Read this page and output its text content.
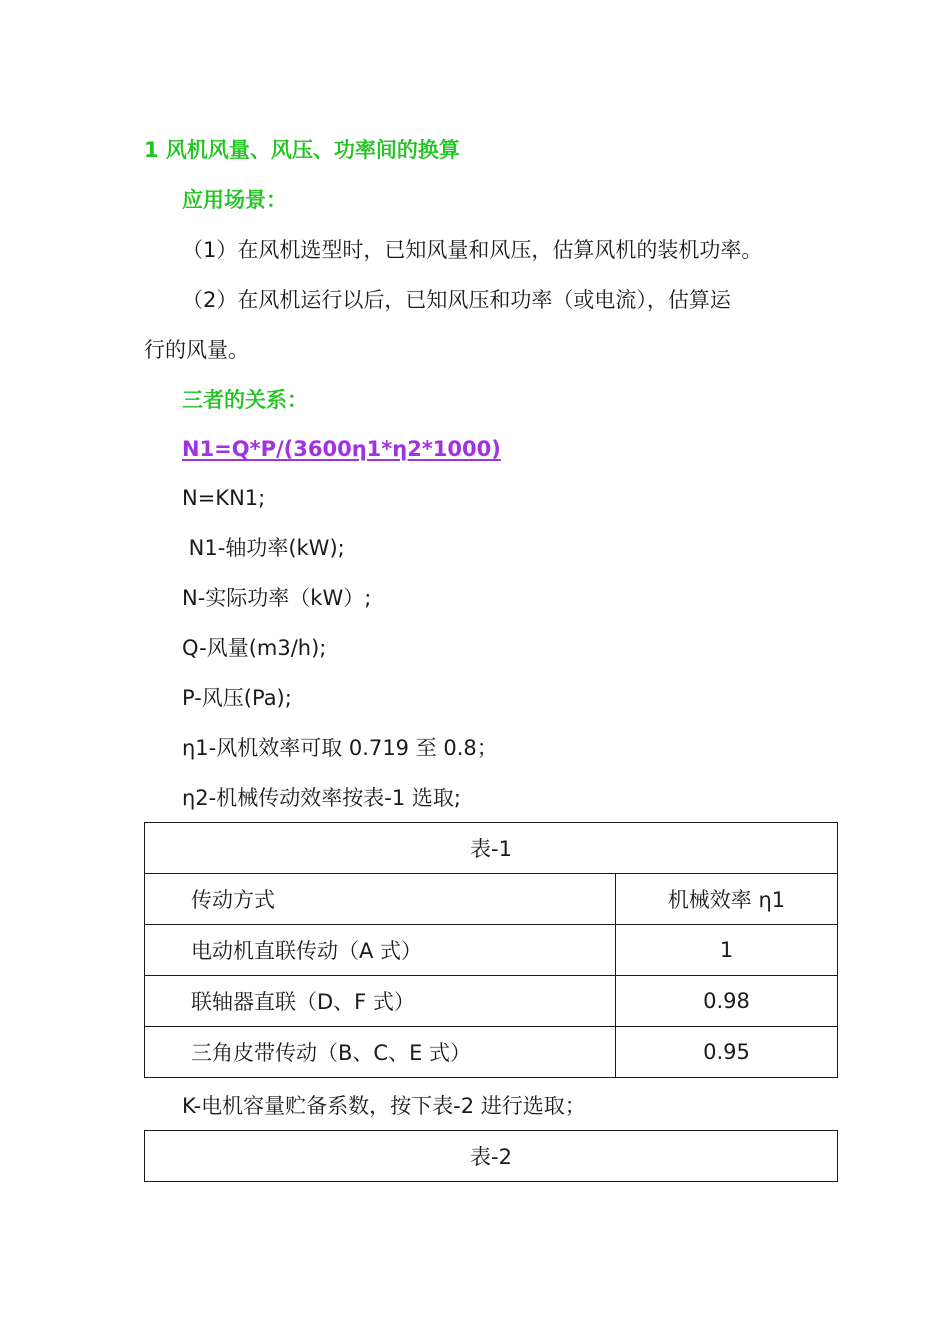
1 风机风量、风压、功率间的换算
应用场景：
（1）在风机选型时，已知风量和风压，估算风机的装机功率。
（2）在风机运行以后，已知风压和功率（或电流），估算运
行的风量。
三者的关系：
N1=Q*P/(3600η1*η2*1000)
N=KN1;
N1-轴功率(kW);
N-实际功率（kW）;
Q-风量(m3/h);
P-风压(Pa);
η1-风机效率可取 0.719 至 0.8；
η2-机械传动效率按表-1 选取;
表-1	
传动方式	机械效率 η1
电动机直联传动（A 式）	1
联轴器直联（D、F 式）	0.98
三角皮带传动（B、C、E 式）	0.95
K-电机容量贮备系数，按下表-2 进行选取；
表-2
